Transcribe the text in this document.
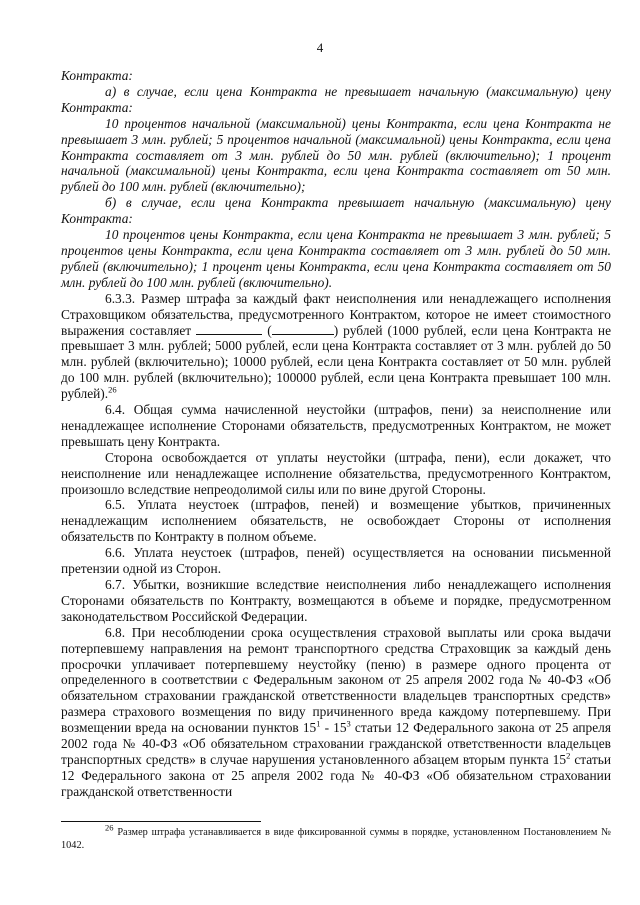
4

Контракта:

а) в случае, если цена Контракта не превышает начальную (максимальную) цену Контракта:

10 процентов начальной (максимальной) цены Контракта, если цена Контракта не превышает 3 млн. рублей; 5 процентов начальной (максимальной) цены Контракта, если цена Контракта составляет от 3 млн. рублей до 50 млн. рублей (включительно); 1 процент начальной (максимальной) цены Контракта, если цена Контракта составляет от 50 млн. рублей до 100 млн. рублей (включительно);

б) в случае, если цена Контракта превышает начальную (максимальную) цену Контракта:

10 процентов цены Контракта, если цена Контракта не превышает 3 млн. рублей; 5 процентов цены Контракта, если цена Контракта составляет от 3 млн. рублей до 50 млн. рублей (включительно); 1 процент цены Контракта, если цена Контракта составляет от 50 млн. рублей до 100 млн. рублей (включительно).

6.3.3. Размер штрафа за каждый факт неисполнения или ненадлежащего исполнения Страховщиком обязательства, предусмотренного Контрактом, которое не имеет стоимостного выражения составляет	(	) рублей (1000 рублей, если цена Контракта не превышает 3 млн. рублей; 5000 рублей, если цена Контракта составляет от 3 млн. рублей до 50 млн. рублей (включительно); 10000 рублей, если цена Контракта составляет от 50 млн. рублей до 100 млн. рублей (включительно); 100000 рублей, если цена Контракта превышает 100 млн. рублей).$^{26}$

6.4. Общая сумма начисленной неустойки (штрафов, пени) за неисполнение или ненадлежащее исполнение Сторонами обязательств, предусмотренных Контрактом, не может превышать цену Контракта.

Сторона освобождается от уплаты неустойки (штрафа, пени), если докажет, что неисполнение или ненадлежащее исполнение обязательства, предусмотренного Контрактом, произошло вследствие непреодолимой силы или по вине другой Стороны.

6.5. Уплата неустоек (штрафов, пеней) и возмещение убытков, причиненных ненадлежащим исполнением обязательств, не освобождает Стороны от исполнения обязательств по Контракту в полном объеме.

6.6. Уплата неустоек (штрафов, пеней) осуществляется на основании письменной претензии одной из Сторон.

6.7. Убытки, возникшие вследствие неисполнения либо ненадлежащего исполнения Сторонами обязательств по Контракту, возмещаются в объеме и порядке, предусмотренном законодательством Российской Федерации.

6.8. При несоблюдении срока осуществления страховой выплаты или срока выдачи потерпевшему направления на ремонт транспортного средства Страховщик за каждый день просрочки уплачивает потерпевшему неустойку (пеню) в размере одного процента от определенного в соответствии с Федеральным законом от 25 апреля 2002 года № 40-ФЗ «Об обязательном страховании гражданской ответственности владельцев транспортных средств» размера страхового возмещения по виду причиненного вреда каждому потерпевшему. При возмещении вреда на основании пунктов $15^1 - 15^3$ статьи 12 Федерального закона от 25 апреля 2002 года № 40-ФЗ «Об обязательном страховании гражданской ответственности владельцев транспортных средств» в случае нарушения установленного абзацем вторым пункта $15^2$ статьи 12 Федерального закона от 25 апреля 2002 года № 40-ФЗ «Об обязательном страховании гражданской ответственности

$^{26}$ Размер штрафа устанавливается в виде фиксированной суммы в порядке, установленном Постановлением № 1042.
